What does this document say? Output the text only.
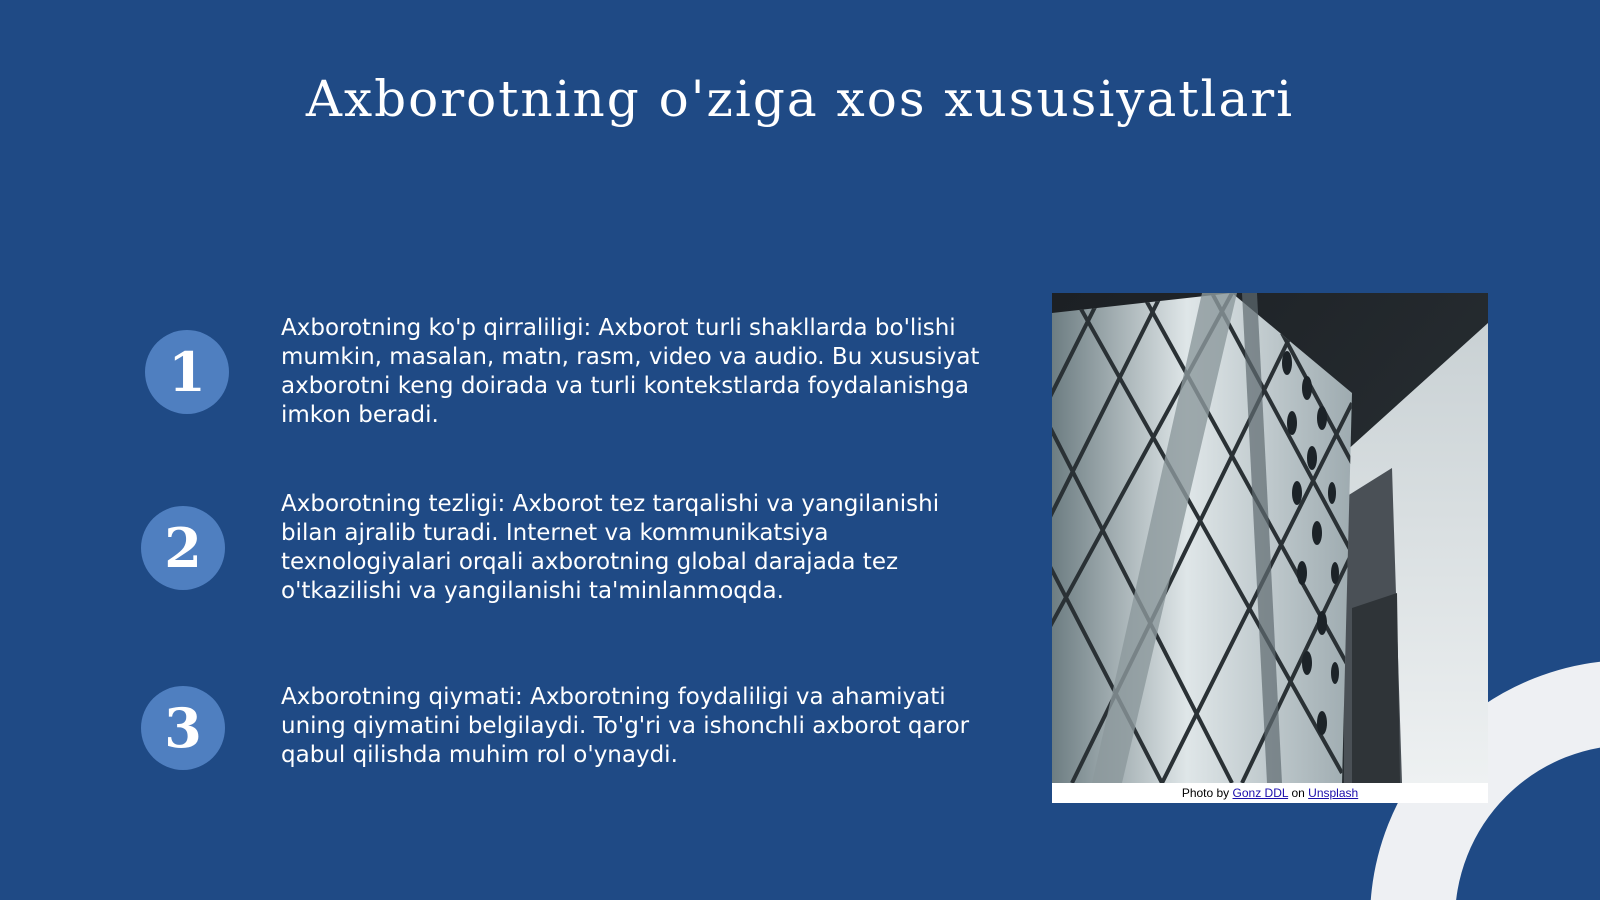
Axborotning o'ziga xos xususiyatlari
1
Axborotning ko'p qirraliligi: Axborot turli shakllarda bo'lishi mumkin, masalan, matn, rasm, video va audio. Bu xususiyat axborotni keng doirada va turli kontekstlarda foydalanishga imkon beradi.
2
Axborotning tezligi: Axborot tez tarqalishi va yangilanishi bilan ajralib turadi. Internet va kommunikatsiya texnologiyalari orqali axborotning global darajada tez o'tkazilishi va yangilanishi ta'minlanmoqda.
3	Axborotning qiymati: Axborotning foydaliligi va ahamiyati uning qiymatini belgilaydi. To'g'ri va ishonchli axborot qaror qabul qilishda muhim rol o'ynaydi.
Photo by Gonz DDL on Unsplash
